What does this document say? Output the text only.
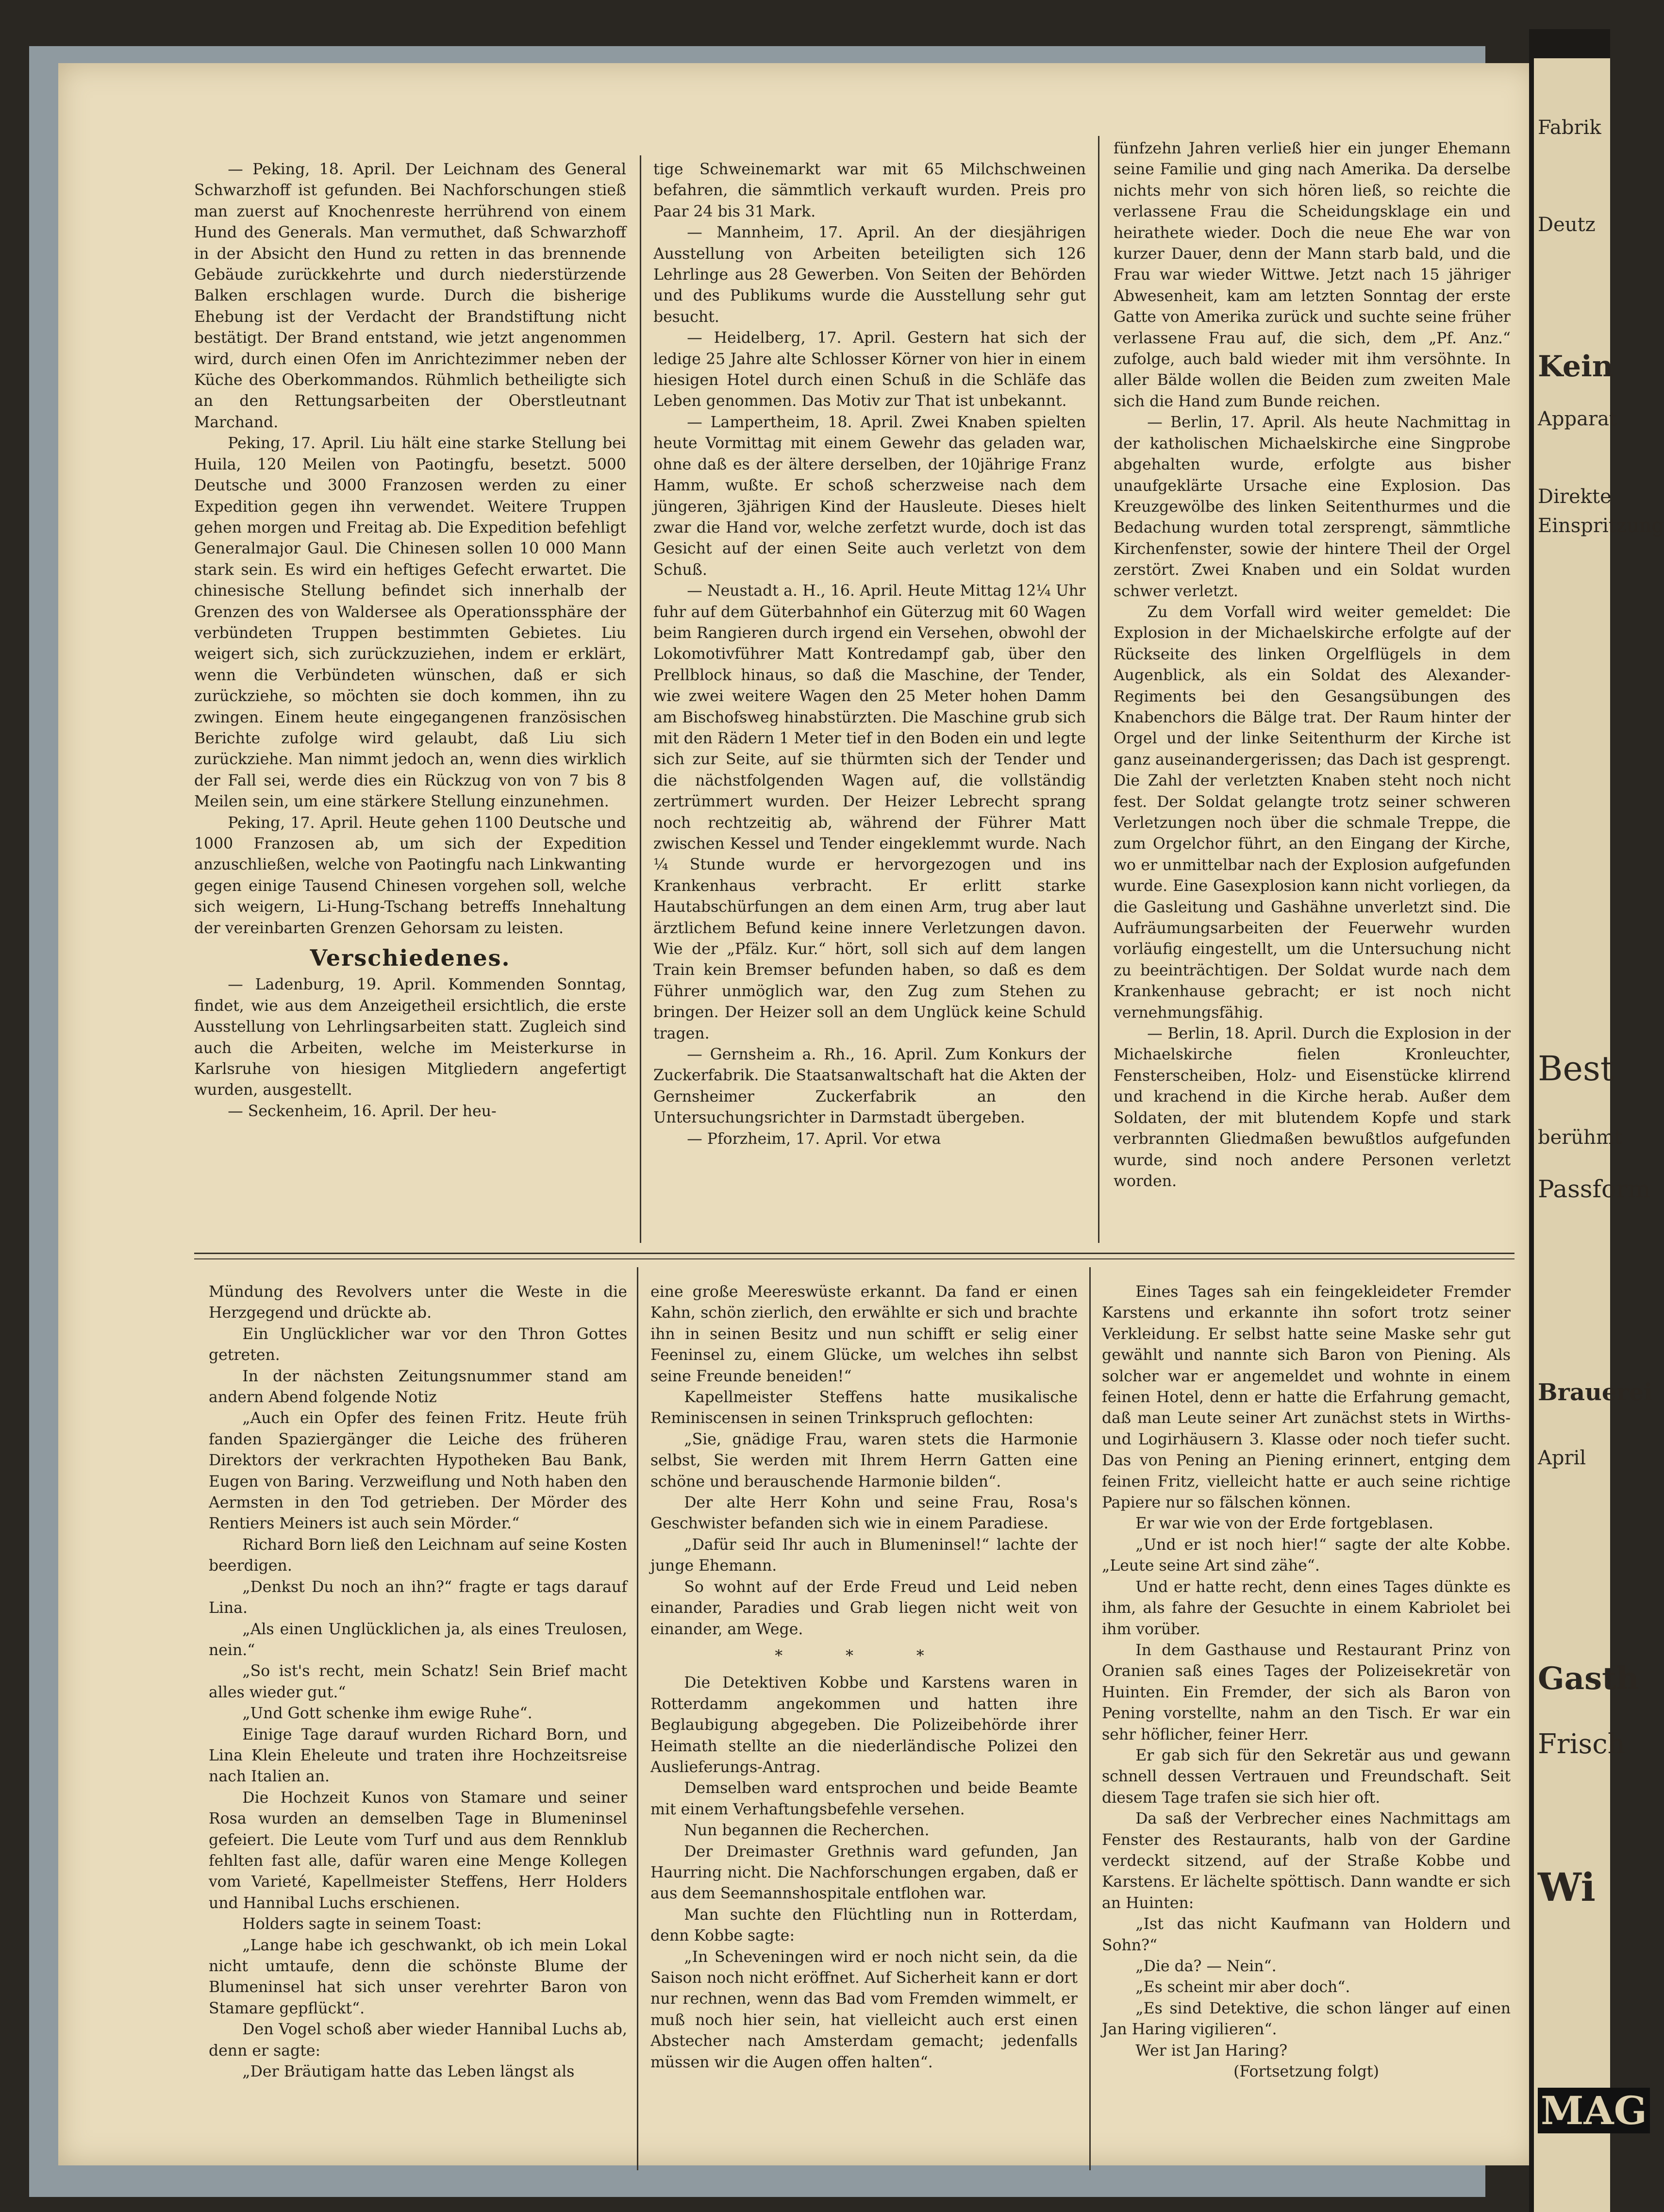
Fabrik
Deutz
Kein
Apparat
Direkte
Einspritzung
Best
berühmt
Passform
Brauerei
April
Gasth
Frisch
Wi
MAG

— Peking, 18. April. Der Leichnam des General Schwarzhoff ist gefunden. Bei Nachforschungen stieß man zuerst auf Knochenreste herrührend von einem Hund des Generals. Man vermuthet, daß Schwarzhoff in der Absicht den Hund zu retten in das brennende Gebäude zurückkehrte und durch niederstürzende Balken erschlagen wurde. Durch die bisherige Ehebung ist der Verdacht der Brandstiftung nicht bestätigt. Der Brand entstand, wie jetzt angenommen wird, durch einen Ofen im Anrichtezimmer neben der Küche des Oberkommandos. Rühmlich betheiligte sich an den Rettungsarbeiten der Oberstleutnant Marchand.

Peking, 17. April. Liu hält eine starke Stellung bei Huila, 120 Meilen von Paotingfu, besetzt. 5000 Deutsche und 3000 Franzosen werden zu einer Expedition gegen ihn verwendet. Weitere Truppen gehen morgen und Freitag ab. Die Expedition befehligt Generalmajor Gaul. Die Chinesen sollen 10 000 Mann stark sein. Es wird ein heftiges Gefecht erwartet. Die chinesische Stellung befindet sich innerhalb der Grenzen des von Waldersee als Operationssphäre der verbündeten Truppen bestimmten Gebietes. Liu weigert sich, sich zurückzuziehen, indem er erklärt, wenn die Verbündeten wünschen, daß er sich zurückziehe, so möchten sie doch kommen, ihn zu zwingen. Einem heute eingegangenen französischen Berichte zufolge wird gelaubt, daß Liu sich zurückziehe. Man nimmt jedoch an, wenn dies wirklich der Fall sei, werde dies ein Rückzug von von 7 bis 8 Meilen sein, um eine stärkere Stellung einzunehmen.

Peking, 17. April. Heute gehen 1100 Deutsche und 1000 Franzosen ab, um sich der Expedition anzuschließen, welche von Paotingfu nach Linkwanting gegen einige Tausend Chinesen vorgehen soll, welche sich weigern, Li-Hung-Tschang betreffs Innehaltung der vereinbarten Grenzen Gehorsam zu leisten.

Verschiedenes.

— Ladenburg, 19. April. Kommenden Sonntag, findet, wie aus dem Anzeigetheil ersichtlich, die erste Ausstellung von Lehrlingsarbeiten statt. Zugleich sind auch die Arbeiten, welche im Meisterkurse in Karlsruhe von hiesigen Mitgliedern angefertigt wurden, ausgestellt.

— Seckenheim, 16. April. Der heu-

tige Schweinemarkt war mit 65 Milchschweinen befahren, die sämmtlich verkauft wurden. Preis pro Paar 24 bis 31 Mark.

— Mannheim, 17. April. An der diesjährigen Ausstellung von Arbeiten beteiligten sich 126 Lehrlinge aus 28 Gewerben. Von Seiten der Behörden und des Publikums wurde die Ausstellung sehr gut besucht.

— Heidelberg, 17. April. Gestern hat sich der ledige 25 Jahre alte Schlosser Körner von hier in einem hiesigen Hotel durch einen Schuß in die Schläfe das Leben genommen. Das Motiv zur That ist unbekannt.

— Lampertheim, 18. April. Zwei Knaben spielten heute Vormittag mit einem Gewehr das geladen war, ohne daß es der ältere derselben, der 10jährige Franz Hamm, wußte. Er schoß scherzweise nach dem jüngeren, 3jährigen Kind der Hausleute. Dieses hielt zwar die Hand vor, welche zerfetzt wurde, doch ist das Gesicht auf der einen Seite auch verletzt von dem Schuß.

— Neustadt a. H., 16. April. Heute Mittag 12¼ Uhr fuhr auf dem Güterbahnhof ein Güterzug mit 60 Wagen beim Rangieren durch irgend ein Versehen, obwohl der Lokomotivführer Matt Kontredampf gab, über den Prellblock hinaus, so daß die Maschine, der Tender, wie zwei weitere Wagen den 25 Meter hohen Damm am Bischofsweg hinabstürzten. Die Maschine grub sich mit den Rädern 1 Meter tief in den Boden ein und legte sich zur Seite, auf sie thürmten sich der Tender und die nächstfolgenden Wagen auf, die vollständig zertrümmert wurden. Der Heizer Lebrecht sprang noch rechtzeitig ab, während der Führer Matt zwischen Kessel und Tender eingeklemmt wurde. Nach ¼ Stunde wurde er hervorgezogen und ins Krankenhaus verbracht. Er erlitt starke Hautabschürfungen an dem einen Arm, trug aber laut ärztlichem Befund keine innere Verletzungen davon. Wie der „Pfälz. Kur.“ hört, soll sich auf dem langen Train kein Bremser befunden haben, so daß es dem Führer unmöglich war, den Zug zum Stehen zu bringen. Der Heizer soll an dem Unglück keine Schuld tragen.

— Gernsheim a. Rh., 16. April. Zum Konkurs der Zuckerfabrik. Die Staatsanwaltschaft hat die Akten der Gernsheimer Zuckerfabrik an den Untersuchungsrichter in Darmstadt übergeben.

— Pforzheim, 17. April. Vor etwa

fünfzehn Jahren verließ hier ein junger Ehemann seine Familie und ging nach Amerika. Da derselbe nichts mehr von sich hören ließ, so reichte die verlassene Frau die Scheidungsklage ein und heirathete wieder. Doch die neue Ehe war von kurzer Dauer, denn der Mann starb bald, und die Frau war wieder Wittwe. Jetzt nach 15 jähriger Abwesenheit, kam am letzten Sonntag der erste Gatte von Amerika zurück und suchte seine früher verlassene Frau auf, die sich, dem „Pf. Anz.“ zufolge, auch bald wieder mit ihm versöhnte. In aller Bälde wollen die Beiden zum zweiten Male sich die Hand zum Bunde reichen.

— Berlin, 17. April. Als heute Nachmittag in der katholischen Michaelskirche eine Singprobe abgehalten wurde, erfolgte aus bisher unaufgeklärte Ursache eine Explosion. Das Kreuzgewölbe des linken Seitenthurmes und die Bedachung wurden total zersprengt, sämmtliche Kirchenfenster, sowie der hintere Theil der Orgel zerstört. Zwei Knaben und ein Soldat wurden schwer verletzt.

Zu dem Vorfall wird weiter gemeldet: Die Explosion in der Michaelskirche erfolgte auf der Rückseite des linken Orgelflügels in dem Augenblick, als ein Soldat des Alexander-Regiments bei den Gesangsübungen des Knabenchors die Bälge trat. Der Raum hinter der Orgel und der linke Seitenthurm der Kirche ist ganz auseinandergerissen; das Dach ist gesprengt. Die Zahl der verletzten Knaben steht noch nicht fest. Der Soldat gelangte trotz seiner schweren Verletzungen noch über die schmale Treppe, die zum Orgelchor führt, an den Eingang der Kirche, wo er unmittelbar nach der Explosion aufgefunden wurde. Eine Gasexplosion kann nicht vorliegen, da die Gasleitung und Gashähne unverletzt sind. Die Aufräumungsarbeiten der Feuerwehr wurden vorläufig eingestellt, um die Untersuchung nicht zu beeinträchtigen. Der Soldat wurde nach dem Krankenhause gebracht; er ist noch nicht vernehmungsfähig.

— Berlin, 18. April. Durch die Explosion in der Michaelskirche fielen Kronleuchter, Fensterscheiben, Holz- und Eisenstücke klirrend und krachend in die Kirche herab. Außer dem Soldaten, der mit blutendem Kopfe und stark verbrannten Gliedmaßen bewußtlos aufgefunden wurde, sind noch andere Personen verletzt worden.

Mündung des Revolvers unter die Weste in die Herzgegend und drückte ab.

Ein Unglücklicher war vor den Thron Gottes getreten.

In der nächsten Zeitungsnummer stand am andern Abend folgende Notiz

„Auch ein Opfer des feinen Fritz. Heute früh fanden Spaziergänger die Leiche des früheren Direktors der verkrachten Hypotheken Bau Bank, Eugen von Baring. Verzweiflung und Noth haben den Aermsten in den Tod getrieben. Der Mörder des Rentiers Meiners ist auch sein Mörder.“

Richard Born ließ den Leichnam auf seine Kosten beerdigen.

„Denkst Du noch an ihn?“ fragte er tags darauf Lina.

„Als einen Unglücklichen ja, als eines Treulosen, nein.“

„So ist's recht, mein Schatz! Sein Brief macht alles wieder gut.“

„Und Gott schenke ihm ewige Ruhe“.

Einige Tage darauf wurden Richard Born, und Lina Klein Eheleute und traten ihre Hochzeitsreise nach Italien an.

Die Hochzeit Kunos von Stamare und seiner Rosa wurden an demselben Tage in Blumeninsel gefeiert. Die Leute vom Turf und aus dem Rennklub fehlten fast alle, dafür waren eine Menge Kollegen vom Varieté, Kapellmeister Steffens, Herr Holders und Hannibal Luchs erschienen.

Holders sagte in seinem Toast:

„Lange habe ich geschwankt, ob ich mein Lokal nicht umtaufe, denn die schönste Blume der Blumeninsel hat sich unser verehrter Baron von Stamare gepflückt“.

Den Vogel schoß aber wieder Hannibal Luchs ab, denn er sagte:

„Der Bräutigam hatte das Leben längst als

eine große Meereswüste erkannt. Da fand er einen Kahn, schön zierlich, den erwählte er sich und brachte ihn in seinen Besitz und nun schifft er selig einer Feeninsel zu, einem Glücke, um welches ihn selbst seine Freunde beneiden!“

Kapellmeister Steffens hatte musikalische Reminiscensen in seinen Trinkspruch geflochten:

„Sie, gnädige Frau, waren stets die Harmonie selbst, Sie werden mit Ihrem Herrn Gatten eine schöne und berauschende Harmonie bilden“.

Der alte Herr Kohn und seine Frau, Rosa's Geschwister befanden sich wie in einem Paradiese.

„Dafür seid Ihr auch in Blumeninsel!“ lachte der junge Ehemann.

So wohnt auf der Erde Freud und Leid neben einander, Paradies und Grab liegen nicht weit von einander, am Wege.

* * *

Die Detektiven Kobbe und Karstens waren in Rotterdamm angekommen und hatten ihre Beglaubigung abgegeben. Die Polizeibehörde ihrer Heimath stellte an die niederländische Polizei den Auslieferungs-Antrag.

Demselben ward entsprochen und beide Beamte mit einem Verhaftungsbefehle versehen.

Nun begannen die Recherchen.

Der Dreimaster Grethnis ward gefunden, Jan Haurring nicht. Die Nachforschungen ergaben, daß er aus dem Seemannshospitale entflohen war.

Man suchte den Flüchtling nun in Rotterdam, denn Kobbe sagte:

„In Scheveningen wird er noch nicht sein, da die Saison noch nicht eröffnet. Auf Sicherheit kann er dort nur rechnen, wenn das Bad vom Fremden wimmelt, er muß noch hier sein, hat vielleicht auch erst einen Abstecher nach Amsterdam gemacht; jedenfalls müssen wir die Augen offen halten“.

Eines Tages sah ein feingekleideter Fremder Karstens und erkannte ihn sofort trotz seiner Verkleidung. Er selbst hatte seine Maske sehr gut gewählt und nannte sich Baron von Piening. Als solcher war er angemeldet und wohnte in einem feinen Hotel, denn er hatte die Erfahrung gemacht, daß man Leute seiner Art zunächst stets in Wirths- und Logirhäusern 3. Klasse oder noch tiefer sucht. Das von Pening an Piening erinnert, entging dem feinen Fritz, vielleicht hatte er auch seine richtige Papiere nur so fälschen können.

Er war wie von der Erde fortgeblasen.

„Und er ist noch hier!“ sagte der alte Kobbe. „Leute seine Art sind zähe“.

Und er hatte recht, denn eines Tages dünkte es ihm, als fahre der Gesuchte in einem Kabriolet bei ihm vorüber.

In dem Gasthause und Restaurant Prinz von Oranien saß eines Tages der Polizeisekretär von Huinten. Ein Fremder, der sich als Baron von Pening vorstellte, nahm an den Tisch. Er war ein sehr höflicher, feiner Herr.

Er gab sich für den Sekretär aus und gewann schnell dessen Vertrauen und Freundschaft. Seit diesem Tage trafen sie sich hier oft.

Da saß der Verbrecher eines Nachmittags am Fenster des Restaurants, halb von der Gardine verdeckt sitzend, auf der Straße Kobbe und Karstens. Er lächelte spöttisch. Dann wandte er sich an Huinten:

„Ist das nicht Kaufmann van Holdern und Sohn?“

„Die da? — Nein“.

„Es scheint mir aber doch“.

„Es sind Detektive, die schon länger auf einen Jan Haring vigilieren“.

Wer ist Jan Haring?

(Fortsetzung folgt)
